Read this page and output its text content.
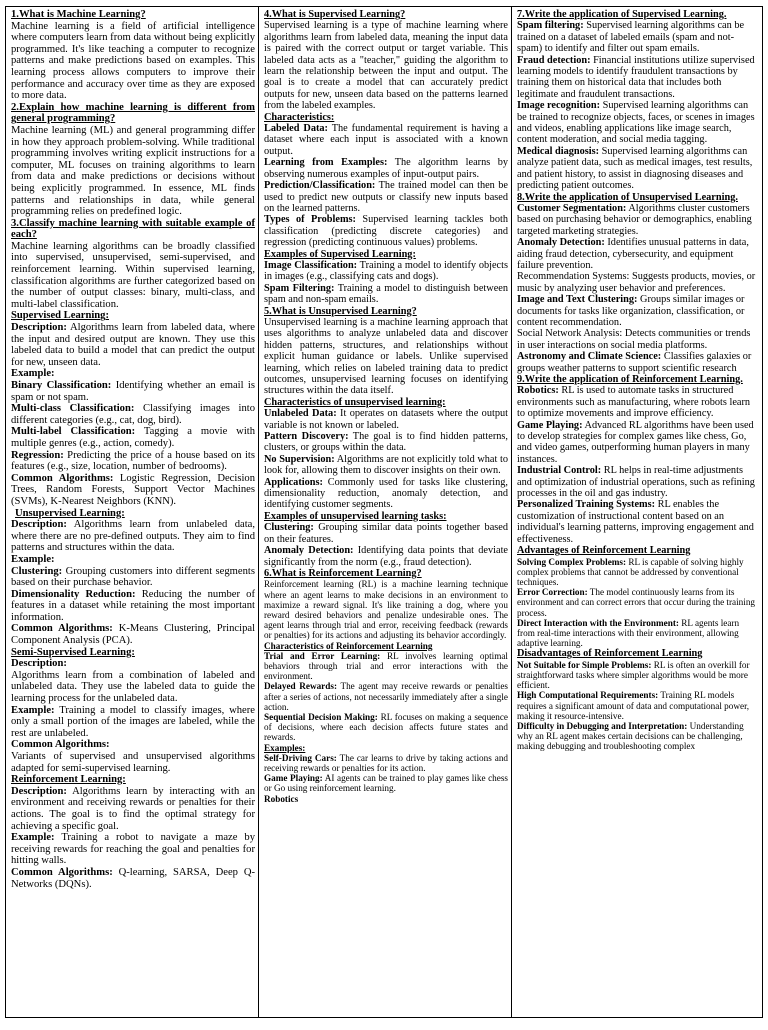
1.What is Machine Learning?

Machine learning is a field of artificial intelligence where computers learn from data without being explicitly programmed. It's like teaching a computer to recognize patterns and make predictions based on examples. This learning process allows computers to improve their performance and accuracy over time as they are exposed to more data.

2.Explain how machine learning is different from general programming?

Machine learning (ML) and general programming differ in how they approach problem-solving. While traditional programming involves writing explicit instructions for a computer, ML focuses on training algorithms to learn from data and make predictions or decisions without being explicitly programmed. In essence, ML finds patterns and relationships in data, while general programming relies on predefined logic.

3.Classify machine learning with suitable example of each?

Machine learning algorithms can be broadly classified into supervised, unsupervised, semi-supervised, and reinforcement learning. Within supervised learning, classification algorithms are further categorized based on the number of output classes: binary, multi-class, and multi-label classification.

Supervised Learning:

Description: Algorithms learn from labeled data, where the input and desired output are known. They use this labeled data to build a model that can predict the output for new, unseen data.

Example:

Binary Classification: Identifying whether an email is spam or not spam.

Multi-class Classification: Classifying images into different categories (e.g., cat, dog, bird).

Multi-label Classification: Tagging a movie with multiple genres (e.g., action, comedy).

Regression: Predicting the price of a house based on its features (e.g., size, location, number of bedrooms).

Common Algorithms: Logistic Regression, Decision Trees, Random Forests, Support Vector Machines (SVMs), K-Nearest Neighbors (KNN).

Unsupervised Learning:

Description: Algorithms learn from unlabeled data, where there are no pre-defined outputs. They aim to find patterns and structures within the data.

Example:

Clustering: Grouping customers into different segments based on their purchase behavior.

Dimensionality Reduction: Reducing the number of features in a dataset while retaining the most important information.

Common Algorithms: K-Means Clustering, Principal Component Analysis (PCA).

Semi-Supervised Learning:
Description:

Algorithms learn from a combination of labeled and unlabeled data. They use the labeled data to guide the learning process for the unlabeled data.

Example: Training a model to classify images, where only a small portion of the images are labeled, while the rest are unlabeled.

Common Algorithms:

Variants of supervised and unsupervised algorithms adapted for semi-supervised learning.

Reinforcement Learning:

Description: Algorithms learn by interacting with an environment and receiving rewards or penalties for their actions. The goal is to find the optimal strategy for achieving a specific goal.

Example: Training a robot to navigate a maze by receiving rewards for reaching the goal and penalties for hitting walls.

Common Algorithms: Q-learning, SARSA, Deep Q-Networks (DQNs).

4.What is Supervised Learning?

Supervised learning is a type of machine learning where algorithms learn from labeled data, meaning the input data is paired with the correct output or target variable. This labeled data acts as a "teacher," guiding the algorithm to learn the relationship between the input and output. The goal is to create a model that can accurately predict outputs for new, unseen data based on the patterns learned from the labeled examples.

Characteristics:

Labeled Data: The fundamental requirement is having a dataset where each input is associated with a known output.

Learning from Examples: The algorithm learns by observing numerous examples of input-output pairs.

Prediction/Classification: The trained model can then be used to predict new outputs or classify new inputs based on the learned patterns.

Types of Problems: Supervised learning tackles both classification (predicting discrete categories) and regression (predicting continuous values) problems.

Examples of Supervised Learning:

Image Classification: Training a model to identify objects in images (e.g., classifying cats and dogs).

Spam Filtering: Training a model to distinguish between spam and non-spam emails.

5.What is Unsupervised Learning?

Unsupervised learning is a machine learning approach that uses algorithms to analyze unlabeled data and discover hidden patterns, structures, and relationships without explicit human guidance or labels. Unlike supervised learning, which relies on labeled training data to predict outcomes, unsupervised learning focuses on identifying structures within the data itself.

Characteristics of unsupervised learning:

Unlabeled Data: It operates on datasets where the output variable is not known or labeled.

Pattern Discovery: The goal is to find hidden patterns, clusters, or groups within the data.

No Supervision: Algorithms are not explicitly told what to look for, allowing them to discover insights on their own.

Applications: Commonly used for tasks like clustering, dimensionality reduction, anomaly detection, and identifying customer segments.

Examples of unsupervised learning tasks:

Clustering: Grouping similar data points together based on their features.

Anomaly Detection: Identifying data points that deviate significantly from the norm (e.g., fraud detection).

6.What is Reinforcement Learning?

Reinforcement learning (RL) is a machine learning technique where an agent learns to make decisions in an environment to maximize a reward signal. It's like training a dog, where you reward desired behaviors and penalize undesirable ones. The agent learns through trial and error, receiving feedback (rewards or penalties) for its actions and adjusting its behavior accordingly.

Characteristics of Reinforcement Learning

Trial and Error Learning: RL involves learning optimal behaviors through trial and error interactions with the environment.

Delayed Rewards: The agent may receive rewards or penalties after a series of actions, not necessarily immediately after a single action.

Sequential Decision Making: RL focuses on making a sequence of decisions, where each decision affects future states and rewards.

Examples:

Self-Driving Cars: The car learns to drive by taking actions and receiving rewards or penalties for its action.

Game Playing: AI agents can be trained to play games like chess or Go using reinforcement learning.

Robotics
7.Write the application of Supervised Learning.

Spam filtering: Supervised learning algorithms can be trained on a dataset of labeled emails (spam and not-spam) to identify and filter out spam emails.

Fraud detection: Financial institutions utilize supervised learning models to identify fraudulent transactions by training them on historical data that includes both legitimate and fraudulent transactions.

Image recognition: Supervised learning algorithms can be trained to recognize objects, faces, or scenes in images and videos, enabling applications like image search, content moderation, and social media tagging.

Medical diagnosis: Supervised learning algorithms can analyze patient data, such as medical images, test results, and patient history, to assist in diagnosing diseases and predicting patient outcomes.

8.Write the application of Unsupervised Learning.

Customer Segmentation: Algorithms cluster customers based on purchasing behavior or demographics, enabling targeted marketing strategies.

Anomaly Detection: Identifies unusual patterns in data, aiding fraud detection, cybersecurity, and equipment failure prevention.

Recommendation Systems: Suggests products, movies, or music by analyzing user behavior and preferences.

Image and Text Clustering: Groups similar images or documents for tasks like organization, classification, or content recommendation.

Social Network Analysis: Detects communities or trends in user interactions on social media platforms.

Astronomy and Climate Science: Classifies galaxies or groups weather patterns to support scientific research

9.Write the application of Reinforcement Learning.

Robotics: RL is used to automate tasks in structured environments such as manufacturing, where robots learn to optimize movements and improve efficiency.

Game Playing: Advanced RL algorithms have been used to develop strategies for complex games like chess, Go, and video games, outperforming human players in many instances.

Industrial Control: RL helps in real-time adjustments and optimization of industrial operations, such as refining processes in the oil and gas industry.

Personalized Training Systems: RL enables the customization of instructional content based on an individual's learning patterns, improving engagement and effectiveness.

Advantages of Reinforcement Learning

Solving Complex Problems: RL is capable of solving highly complex problems that cannot be addressed by conventional techniques.

Error Correction: The model continuously learns from its environment and can correct errors that occur during the training process.

Direct Interaction with the Environment: RL agents learn from real-time interactions with their environment, allowing adaptive learning.

Disadvantages of Reinforcement Learning

Not Suitable for Simple Problems: RL is often an overkill for straightforward tasks where simpler algorithms would be more efficient.

High Computational Requirements: Training RL models requires a significant amount of data and computational power, making it resource-intensive.

Difficulty in Debugging and Interpretation: Understanding why an RL agent makes certain decisions can be challenging, making debugging and troubleshooting complex
